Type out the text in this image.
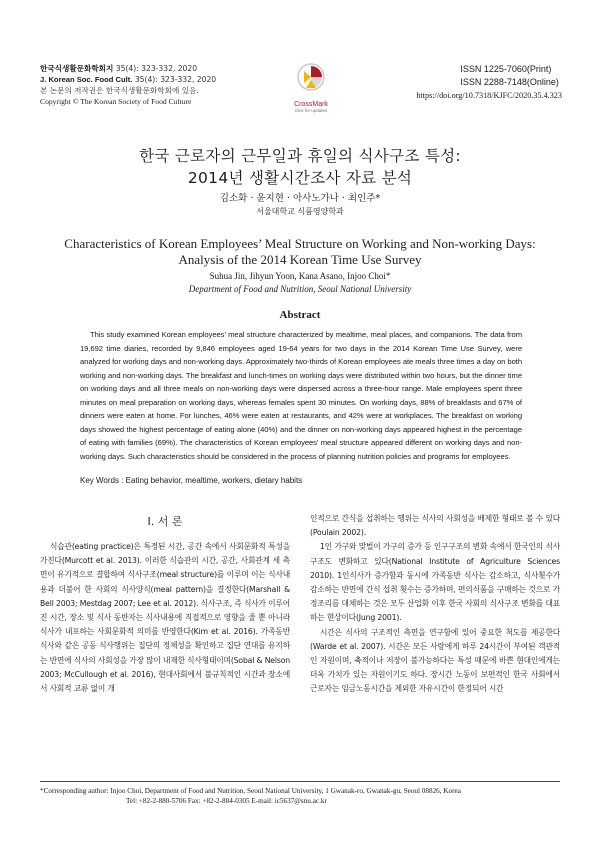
한국식생활문화학회지 35(4): 323-332, 2020
J. Korean Soc. Food Cult. 35(4): 323-332, 2020
본 논문의 저작권은 한국식생활문화학회에 있음.
Copyright © The Korean Society of Food Culture	CrossMark
click for updates
ISSN 1225-7060(Print)
ISSN 2288-7148(Online)
https://doi.org/10.7318/KJFC/2020.35.4.323
한국 근로자의 근무일과 휴일의 식사구조 특성:
2014년 생활시간조사 자료 분석
김소화 · 윤지현 · 아사노가나 · 최인주*
서울대학교 식품영양학과
Characteristics of Korean Employees’ Meal Structure on Working and Non-working Days:
Analysis of the 2014 Korean Time Use Survey
Suhua Jin, Jihyun Yoon, Kana Asano, Injoo Choi*
Department of Food and Nutrition, Seoul National University
Abstract
This study examined Korean employees’ meal structure characterized by mealtime, meal places, and companions. The data from 19,692 time diaries, recorded by 9,846 employees aged 19-64 years for two days in the 2014 Korean Time Use Survey, were analyzed for working days and non-working days. Approximately two-thirds of Korean employees ate meals three times a day on both working and non-working days. The breakfast and lunch-times on working days were distributed within two hours, but the dinner time on working days and all three meals on non-working days were dispersed across a three-hour range. Male employees spent three minutes on meal preparation on working days, whereas females spent 30 minutes. On working days, 88% of breakfasts and 67% of dinners were eaten at home. For lunches, 46% were eaten at restaurants, and 42% were at workplaces. The breakfast on working days showed the highest percentage of eating alone (40%) and the dinner on non-working days appeared highest in the percentage of eating with families (69%). The characteristics of Korean employees’ meal structure appeared different on working days and non-working days. Such characteristics should be considered in the process of planning nutrition policies and programs for employees.
Key Words : Eating behavior, mealtime, workers, dietary habits
Ⅰ. 서 론

식습관(eating practice)은 특정된 시간, 공간 속에서 사회문화적 특성을 가진다(Murcott et al. 2013). 이러한 식습관의 시간, 공간, 사회관계 세 측면이 유기적으로 결합하여 식사구조(meal structure)를 이루며 이는 식사내용과 더불어 한 사회의 식사양식(meal pattern)을 결정한다(Marshall & Bell 2003; Mestdag 2007; Lee et al. 2012). 식사구조, 즉 식사가 이루어진 시간, 장소 및 식사 동반자는 식사내용에 직접적으로 영향을 줄 뿐 아니라 식사가 내포하는 사회문화적 의미를 반영한다(Kim et al. 2016). 가족동반 식사와 같은 공동 식사행위는 집단의 정체성을 확인하고 집단 연대를 유지하는 반면에 식사의 사회성을 가장 많이 내재한 식사형태이며(Sobal & Nelson 2003; McCullough et al. 2016), 현대사회에서 불규칙적인 시간과 장소에서 사회적 교류 없이 개

인적으로 간식을 섭취하는 행위는 식사의 사회성을 배제한 형태로 볼 수 있다(Poulain 2002).

1인 가구와 맞벌이 가구의 증가 등 인구구조의 변화 속에서 한국인의 식사구조도 변화하고 있다(National Institute of Agriculture Sciences 2010). 1인식사가 증가함과 동시에 가족동반 식사는 감소하고, 식사횟수가 감소하는 반면에 간식 섭취 횟수는 증가하며, 편의식품을 구매하는 것으로 가정조리를 대체하는 것은 모두 산업화 이후 한국 사회의 식사구조 변화를 대표하는 현상이다(Jung 2001).

시간은 식사의 구조적인 측면을 연구함에 있어 중요한 척도를 제공한다(Warde et al. 2007). 시간은 모든 사람에게 하루 24시간이 부여된 객관적인 자원이며, 축적이나 저장이 불가능하다는 특성 때문에 바쁜 현대인에게는 더욱 가치가 있는 자원이기도 하다. 장시간 노동이 보편적인 한국 사회에서 근로자는 임금노동시간을 제외한 자유시간이 한정되어 시간

*Corresponding author: Injoo Choi, Department of Food and Nutrition, Seoul National University, 1 Gwanak-ro, Gwanak-gu, Seoul 08826, Korea
Tel: +82-2-880-5706 Fax: +82-2-884-0305 E-mail: ic5637@snu.ac.kr
